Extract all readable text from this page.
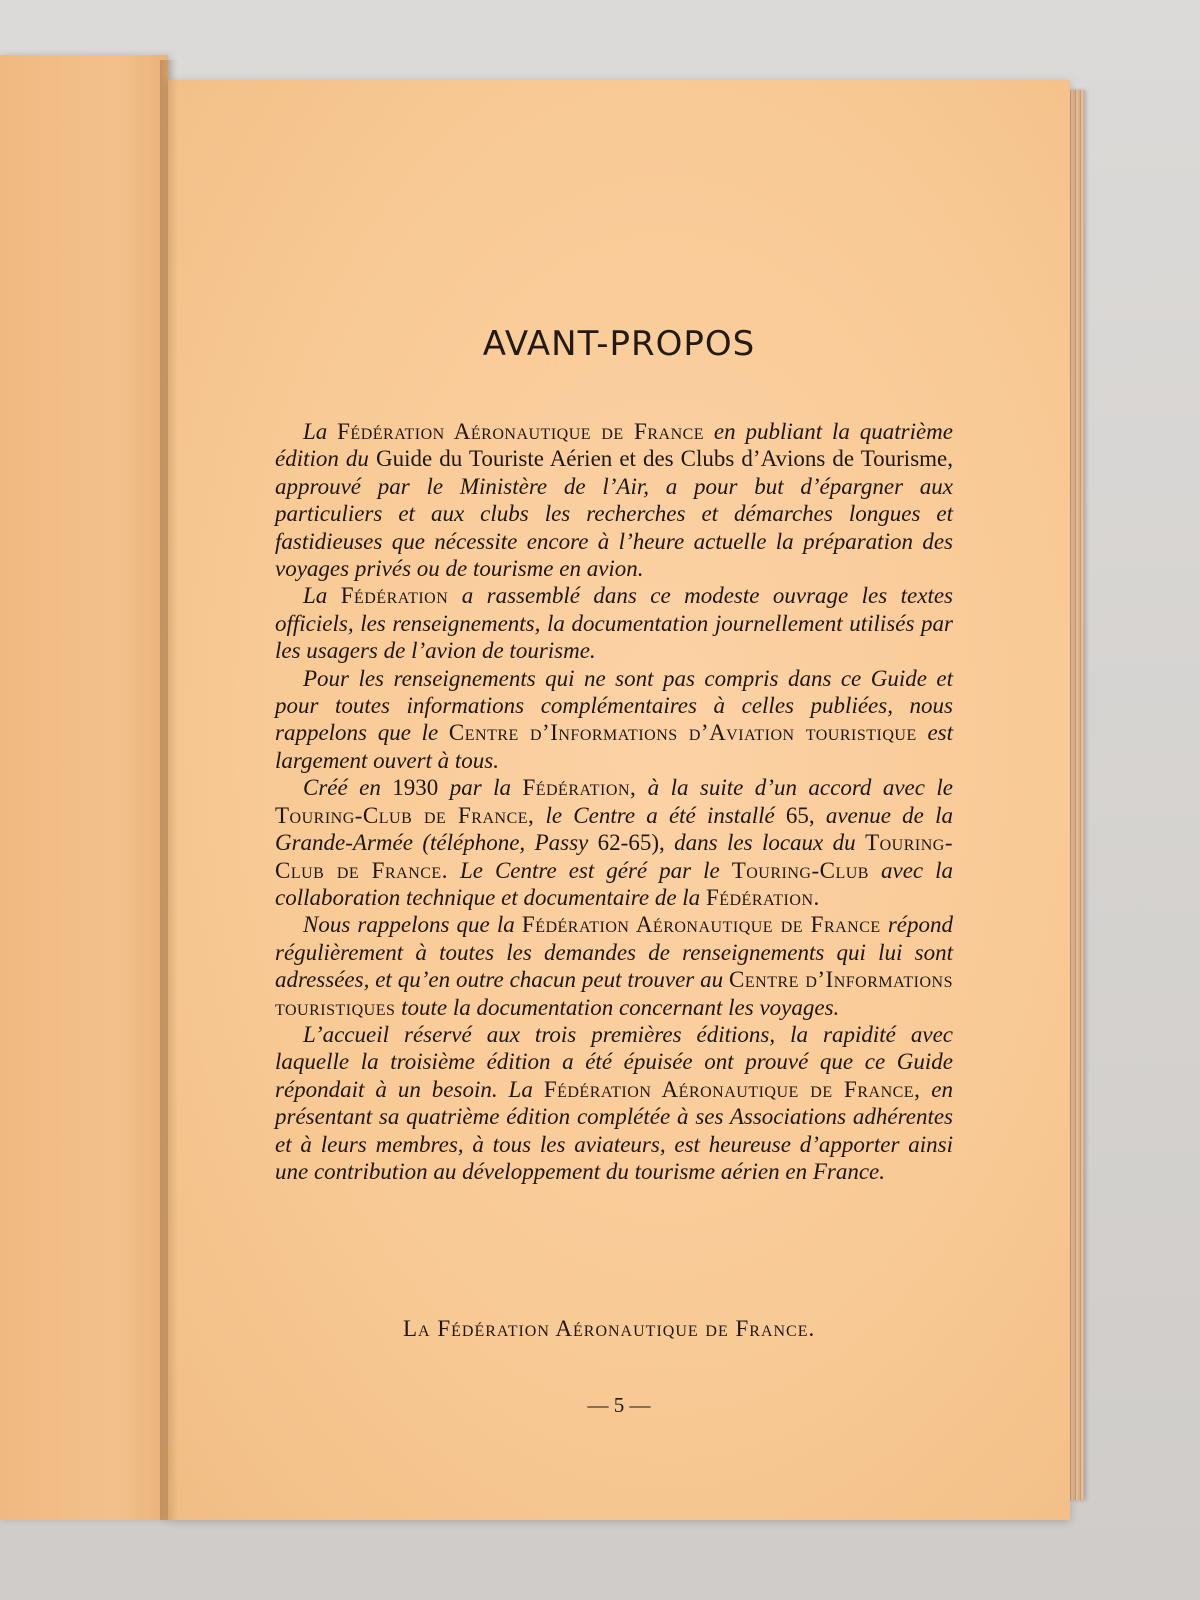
AVANT-PROPOS

La Fédération Aéronautique de France en publiant la quatrième édition du Guide du Touriste Aérien et des Clubs d’Avions de Tourisme, approuvé par le Ministère de l’Air, a pour but d’épargner aux particuliers et aux clubs les recherches et démarches longues et fastidieuses que nécessite encore à l’heure actuelle la préparation des voyages privés ou de tourisme en avion.

La Fédération a rassemblé dans ce modeste ouvrage les textes officiels, les renseignements, la documentation journellement utilisés par les usagers de l’avion de tourisme.

Pour les renseignements qui ne sont pas compris dans ce Guide et pour toutes informations complémentaires à celles publiées, nous rappelons que le Centre d’Informations d’Aviation touristique est largement ouvert à tous.

Créé en 1930 par la Fédération, à la suite d’un accord avec le Touring-Club de France, le Centre a été installé 65, avenue de la Grande-Armée (téléphone, Passy 62-65), dans les locaux du Touring-Club de France. Le Centre est géré par le Touring-Club avec la collaboration technique et documentaire de la Fédération.

Nous rappelons que la Fédération Aéronautique de France répond régulièrement à toutes les demandes de renseignements qui lui sont adressées, et qu’en outre chacun peut trouver au Centre d’Informations touristiques toute la documentation concernant les voyages.

L’accueil réservé aux trois premières éditions, la rapidité avec laquelle la troisième édition a été épuisée ont prouvé que ce Guide répondait à un besoin. La Fédération Aéronautique de France, en présentant sa quatrième édition complétée à ses Associations adhérentes et à leurs membres, à tous les aviateurs, est heureuse d’apporter ainsi une contribution au développement du tourisme aérien en France.

La Fédération Aéronautique de France.
— 5 —
